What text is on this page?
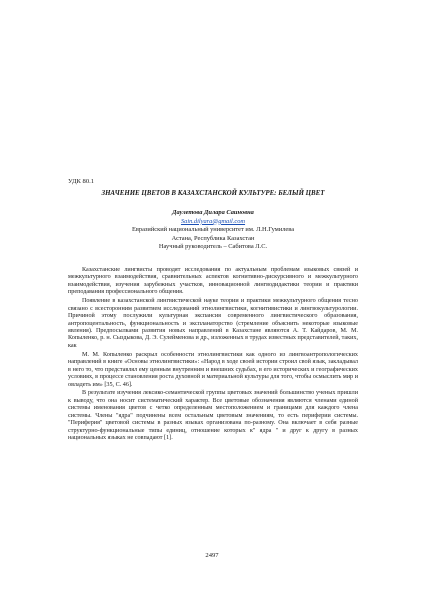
УДК 80.1
ЗНАЧЕНИЕ ЦВЕТОВ В КАЗАХСТАНСКОЙ КУЛЬТУРЕ: БЕЛЫЙ ЦВЕТ
Даулетова Дилара Саиновна
Sain.dilyara@gmail.com
Евразийский национальный университет им. Л.Н.Гумилева
Астана, Республика Казахстан
Научный руководитель – Сабитова Л.С.

Казахстанские лингвисты проводят исследования по актуальным проблемам языковых связей и межкультурного взаимодействия, сравнительных аспектов когнитивно-дискурсивного и межкультурного взаимодействия, изучения зарубежных участков, инновационной лингводидактики теории и практики преподавания профессионального общения.

Появление в казахстанской лингвистической науке теории и практики межкультурного общения тесно связано с всесторонним развитием исследований этнолингвистики, когнитивистики и лингвокультурологии. Причиной этому послужили культурная экспансия современного лингвистического образования, антропоцентальность, функциональность и экспланаторство (стремление объяснить некоторые языковые явления). Предпосылками развития новых направлений в Казахстане являются А. Т. Кайдаров, М. М. Копыленко, р. н. Сыздыкова, Д. Э. Сулейменова и др., изложенных в трудах известных представителей, таких, как

М. М. Копыленко раскрыл особенности этнолингвистики как одного из лингвоантропологических направлений в книге «Основы этнолингвистики»: «Народ в ходе своей истории строил свой язык, закладывал в него то, что представлял ему ценным внутренним и внешних судьбах, в его исторических и географических условиях, в процессе становления роста духовной и материальной культуры для того, чтобы осмыслить мир и овладеть им» [35, С. 46].

В результате изучения лексико-семантической группы цветовых значений большинство ученых пришли к выводу, что она носит систематический характер. Все цветовые обозначения являются членами единой системы именования цветов с четко определенным местоположением и границами для каждого члена системы. Члены "ядра" подчинены всем остальным цветовым значениям, то есть периферии системы. "Периферия" цветовой системы в разных языках организована по-разному. Она включает в себя разные структурно-функциональные типы единиц, отношение которых к" ядра " и друг к другу в разных национальных языках не совпадают [1].

2497
